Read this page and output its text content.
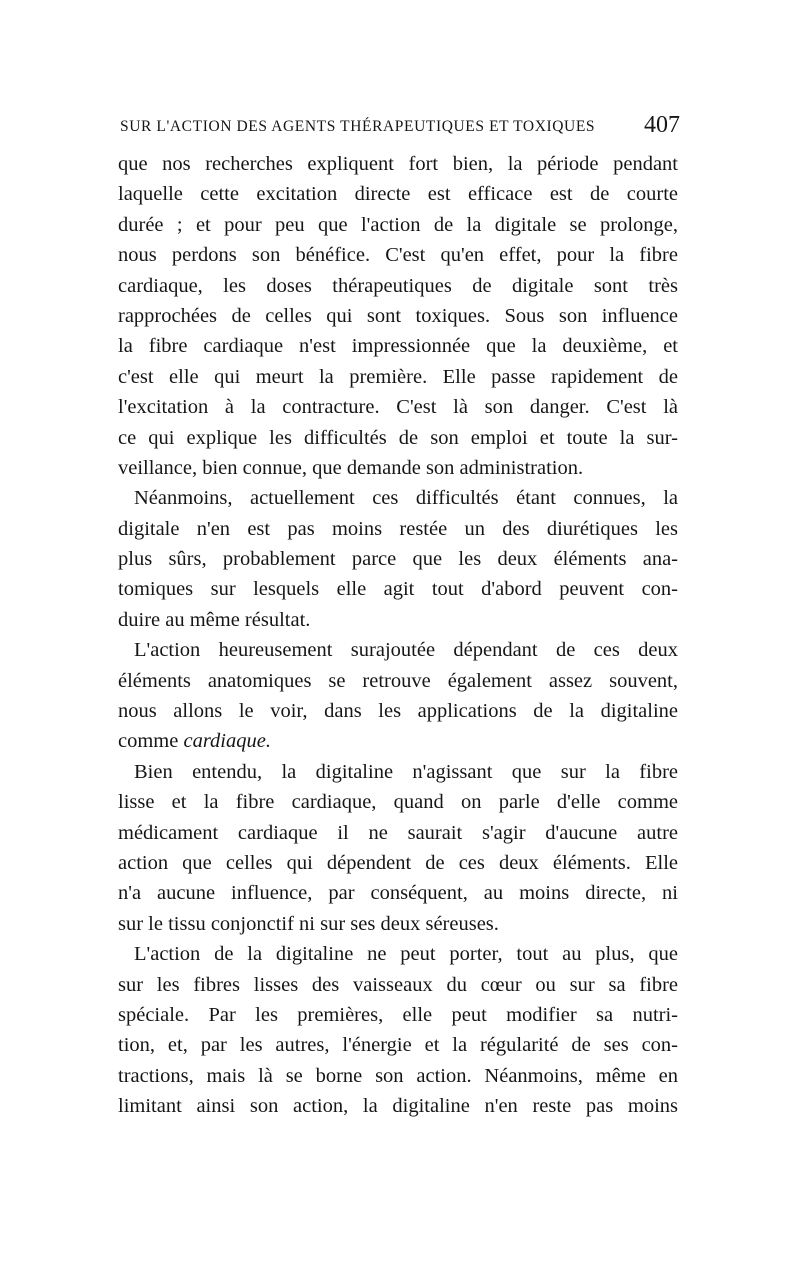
SUR L'ACTION DES AGENTS THÉRAPEUTIQUES ET TOXIQUES 407
que nos recherches expliquent fort bien, la période pendant
laquelle cette excitation directe est efficace est de courte
durée ; et pour peu que l'action de la digitale se prolonge,
nous perdons son bénéfice. C'est qu'en effet, pour la fibre
cardiaque, les doses thérapeutiques de digitale sont très
rapprochées de celles qui sont toxiques. Sous son influence
la fibre cardiaque n'est impressionnée que la deuxième, et
c'est elle qui meurt la première. Elle passe rapidement de
l'excitation à la contracture. C'est là son danger. C'est là
ce qui explique les difficultés de son emploi et toute la sur-
veillance, bien connue, que demande son administration.
Néanmoins, actuellement ces difficultés étant connues, la
digitale n'en est pas moins restée un des diurétiques les
plus sûrs, probablement parce que les deux éléments ana-
tomiques sur lesquels elle agit tout d'abord peuvent con-
duire au même résultat.
L'action heureusement surajoutée dépendant de ces deux
éléments anatomiques se retrouve également assez souvent,
nous allons le voir, dans les applications de la digitaline
comme cardiaque.
Bien entendu, la digitaline n'agissant que sur la fibre
lisse et la fibre cardiaque, quand on parle d'elle comme
médicament cardiaque il ne saurait s'agir d'aucune autre
action que celles qui dépendent de ces deux éléments. Elle
n'a aucune influence, par conséquent, au moins directe, ni
sur le tissu conjonctif ni sur ses deux séreuses.
L'action de la digitaline ne peut porter, tout au plus, que
sur les fibres lisses des vaisseaux du cœur ou sur sa fibre
spéciale. Par les premières, elle peut modifier sa nutri-
tion, et, par les autres, l'énergie et la régularité de ses con-
tractions, mais là se borne son action. Néanmoins, même en
limitant ainsi son action, la digitaline n'en reste pas moins
